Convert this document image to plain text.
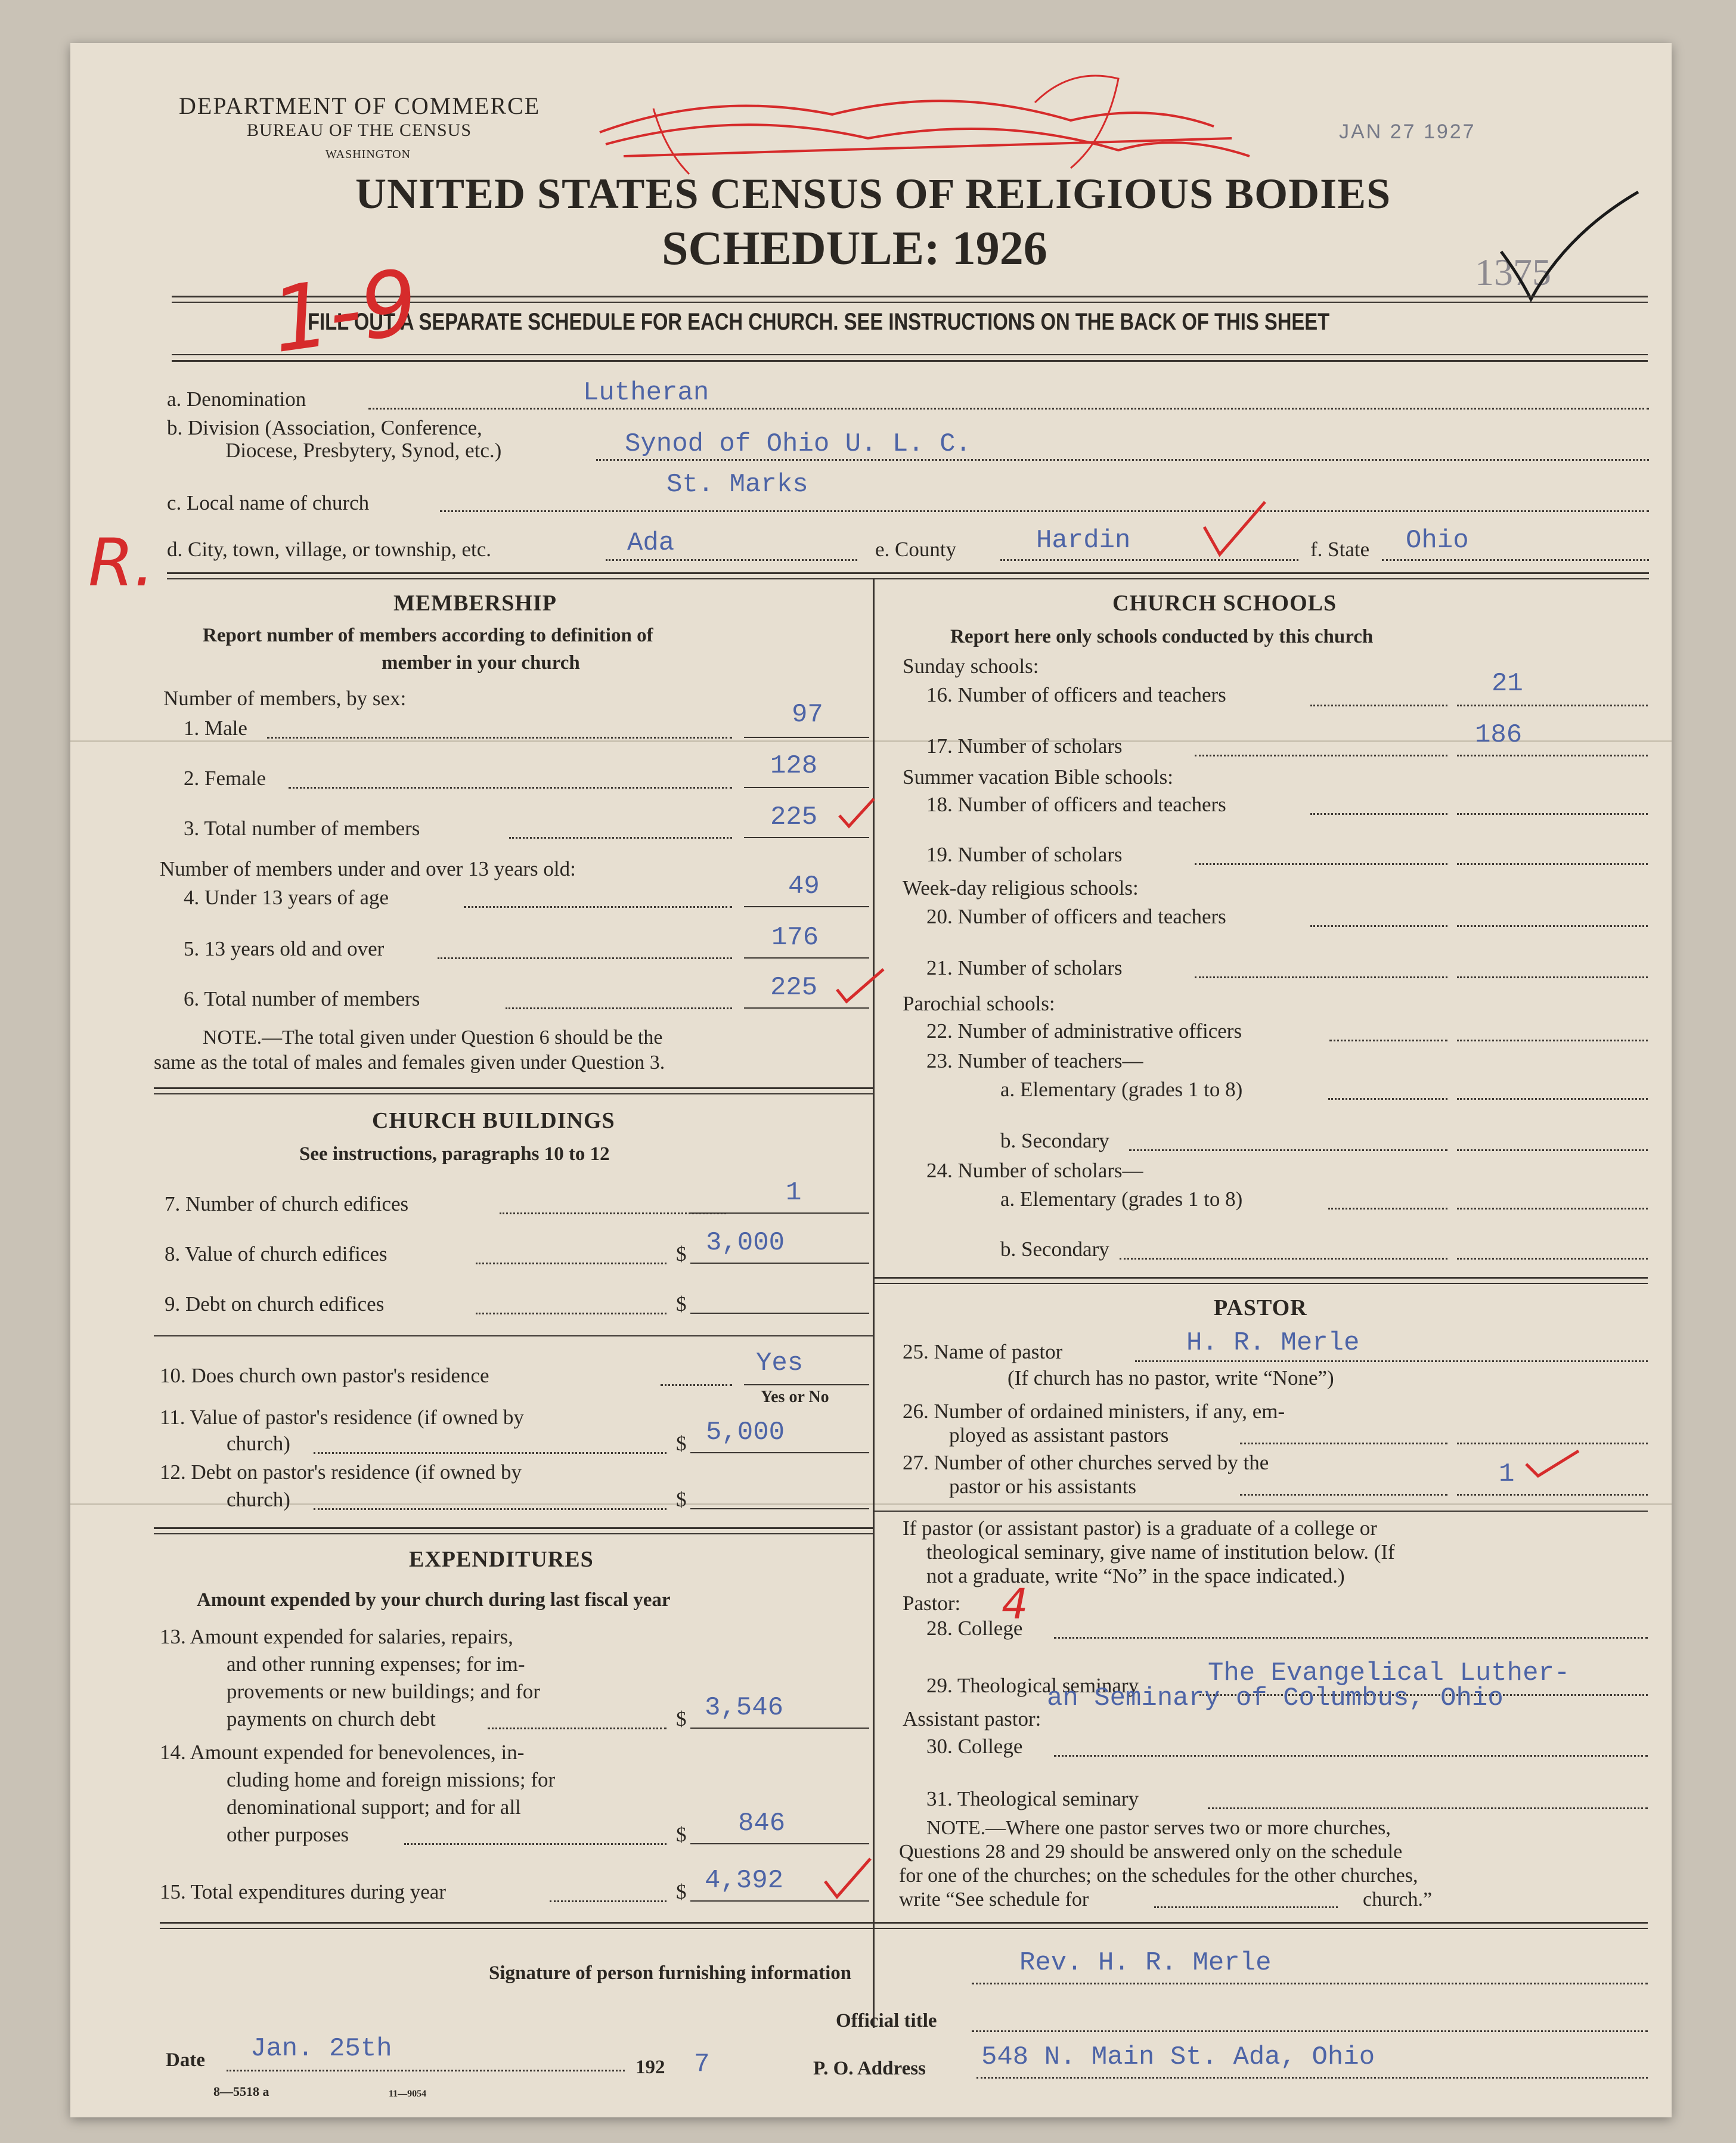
DEPARTMENT OF COMMERCE
BUREAU OF THE CENSUS
WASHINGTON
JAN 27 1927
UNITED STATES CENSUS OF RELIGIOUS BODIES
SCHEDULE: 1926	1375
FILL OUT A SEPARATE SCHEDULE FOR EACH CHURCH. SEE INSTRUCTIONS ON THE BACK OF THIS SHEET
a. Denomination	Lutheran
b. Division (Association, Conference,
Diocese, Presbytery, Synod, etc.)	Synod of Ohio U. L. C.
c. Local name of church
St. Marks
d. City, town, village, or township, etc.	Ada	e. County	Hardin	f. State Ohio
MEMBERSHIP
Report number of members according to definition of
member in your church
Number of members, by sex:
1. Male	97
2. Female	128
3. Total number of members	225
Number of members under and over 13 years old:
4. Under 13 years of age	49
5. 13 years old and over	176
6. Total number of members	225
NOTE.—The total given under Question 6 should be the
same as the total of males and females given under Question 3.
CHURCH BUILDINGS
See instructions, paragraphs 10 to 12
7. Number of church edifices	1
8. Value of church edifices	$ 3,000
9. Debt on church edifices	$
10. Does church own pastor's residence	Yes
Yes or No
11. Value of pastor's residence (if owned by
church)	$ 5,000
12. Debt on pastor's residence (if owned by
church)	$
EXPENDITURES
Amount expended by your church during last fiscal year
13. Amount expended for salaries, repairs,
and other running expenses; for im-
provements or new buildings; and for
payments on church debt	$ 3,546
14. Amount expended for benevolences, in-
cluding home and foreign missions; for
denominational support; and for all
other purposes	$ 846
15. Total expenditures during year	$ 4,392
CHURCH SCHOOLS
Report here only schools conducted by this church
Sunday schools:
16. Number of officers and teachers	21
17. Number of scholars	186
Summer vacation Bible schools:
18. Number of officers and teachers
19. Number of scholars
Week-day religious schools:
20. Number of officers and teachers
21. Number of scholars
Parochial schools:
22. Number of administrative officers
23. Number of teachers—
a. Elementary (grades 1 to 8)
b. Secondary
24. Number of scholars—
a. Elementary (grades 1 to 8)
b. Secondary
PASTOR
25. Name of pastor	H. R. Merle
(If church has no pastor, write “None”)
26. Number of ordained ministers, if any, em-
ployed as assistant pastors
27. Number of other churches served by the
pastor or his assistants	1
If pastor (or assistant pastor) is a graduate of a college or
theological seminary, give name of institution below. (If
not a graduate, write “No” in the space indicated.)
Pastor:
28. College
29. Theological seminary	The Evangelical Luther-
an Seminary of Columbus, Ohio
Assistant pastor:
30. College
31. Theological seminary
NOTE.—Where one pastor serves two or more churches,
Questions 28 and 29 should be answered only on the schedule
for one of the churches; on the schedules for the other churches,
write “See schedule for	church.”
Signature of person furnishing information	Rev. H. R. Merle
Official title
Date Jan. 25th
192 7	P. O. Address 548 N. Main St. Ada, Ohio
8—5518 a	11—9054
1-9
R.
4
